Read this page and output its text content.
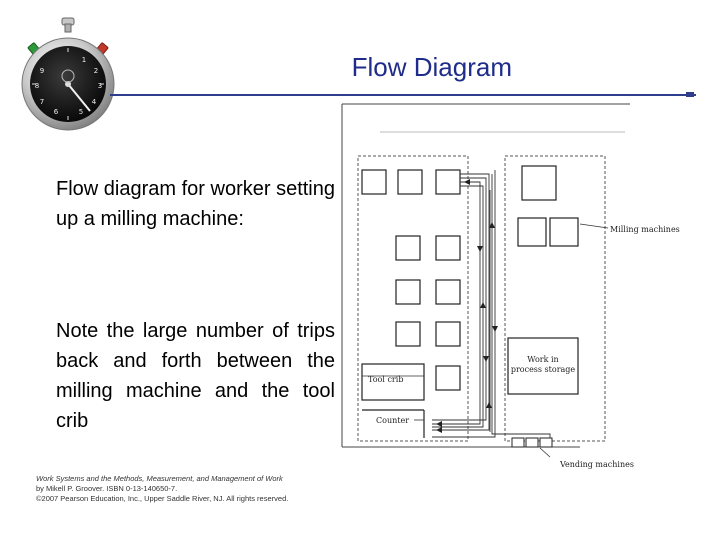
1
2
3
4
5
6
7
8
9	Flow Diagram

Flow diagram for worker setting up a milling machine:

Note the large number of trips back and forth between the milling machine and the tool crib

Work Systems and the Methods, Measurement, and Management of Work
by Mikell P. Groover. ISBN 0-13-140650-7.
©2007 Pearson Education, Inc., Upper Saddle River, NJ. All rights reserved.
Milling machines
Work in
process storage
Tool crib
Counter
Vending machines
